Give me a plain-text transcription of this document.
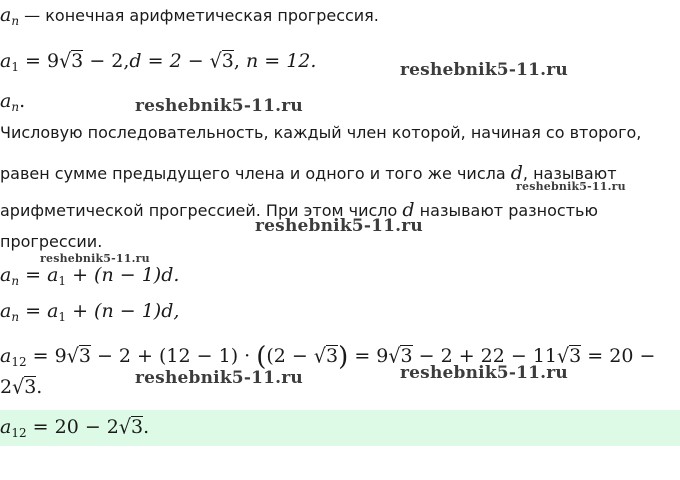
$a_n$ — конечная арифметическая прогрессия.
$a_1 = 9√3 - 2,d = 2 - √3$, n = 12.
$a_n$.
Числовую последовательность, каждый член которой, начиная со второго,
равен сумме предыдущего члена и одного и того же числа d, называют
арифметической прогрессией. При этом число d называют разностью
прогрессии.
$a_n = a_1 + (n - 1)d$.
$a_n = a_1 + (n - 1)d$,
$a_{12} = 9√3 - 2 + (12 - 1) \cdot ((2 - √3) = 9√3 - 2 + 22 - 11√3 = 20$ −
2√3.
$a_{12} = 20 - 2√3$.
reshebnik5-11.ru
reshebnik5-11.ru
reshebnik5-11.ru
reshebnik5-11.ru
reshebnik5-11.ru
reshebnik5-11.ru	reshebnik5-11.ru
